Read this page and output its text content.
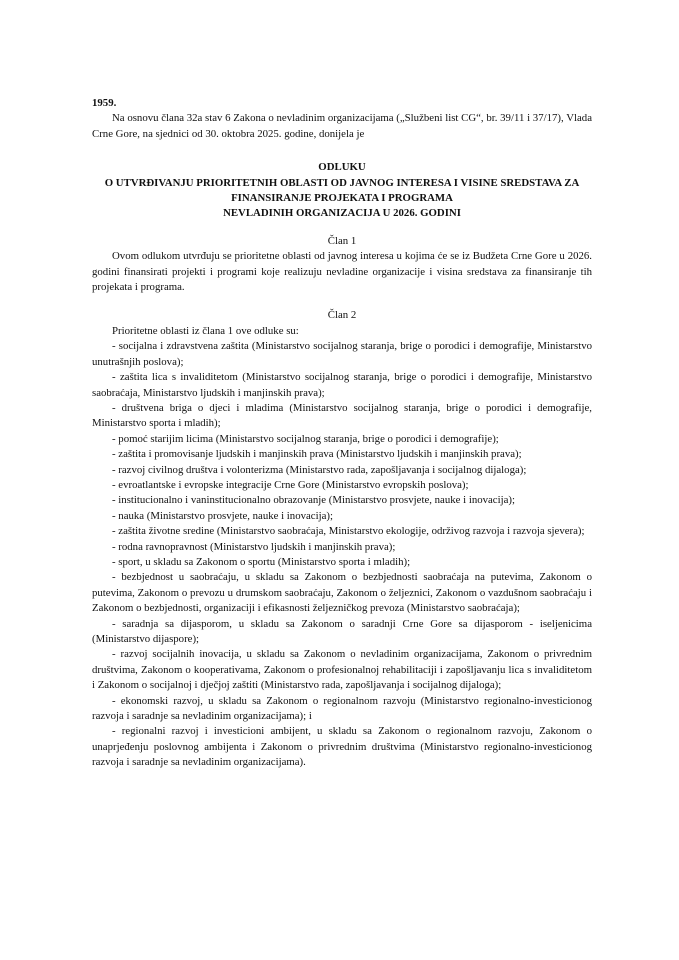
1959.

Na osnovu člana 32a stav 6 Zakona o nevladinim organizacijama („Službeni list CG“, br. 39/11 i 37/17), Vlada Crne Gore, na sjednici od 30. oktobra 2025. godine, donijela je

ODLUKU
O UTVRĐIVANJU PRIORITETNIH OBLASTI OD JAVNOG INTERESA I VISINE SREDSTAVA ZA
FINANSIRANJE PROJEKATA I PROGRAMA
NEVLADINIH ORGANIZACIJA U 2026. GODINI

Član 1

Ovom odlukom utvrđuju se prioritetne oblasti od javnog interesa u kojima će se iz Budžeta Crne Gore u 2026. godini finansirati projekti i programi koje realizuju nevladine organizacije i visina sredstava za finansiranje tih projekata i programa.

Član 2

Prioritetne oblasti iz člana 1 ove odluke su:

- socijalna i zdravstvena zaštita (Ministarstvo socijalnog staranja, brige o porodici i demografije, Ministarstvo unutrašnjih poslova);
- zaštita lica s invaliditetom (Ministarstvo socijalnog staranja, brige o porodici i demografije, Ministarstvo saobraćaja, Ministarstvo ljudskih i manjinskih prava);
- društvena briga o djeci i mladima (Ministarstvo socijalnog staranja, brige o porodici i demografije, Ministarstvo sporta i mladih);
- pomoć starijim licima (Ministarstvo socijalnog staranja, brige o porodici i demografije);
- zaštita i promovisanje ljudskih i manjinskih prava (Ministarstvo ljudskih i manjinskih prava);
- razvoj civilnog društva i volonterizma (Ministarstvo rada, zapošljavanja i socijalnog dijaloga);
- evroatlantske i evropske integracije Crne Gore (Ministarstvo evropskih poslova);
- institucionalno i vaninstitucionalno obrazovanje (Ministarstvo prosvjete, nauke i inovacija);
- nauka (Ministarstvo prosvjete, nauke i inovacija);
- zaštita životne sredine (Ministarstvo saobraćaja, Ministarstvo ekologije, održivog razvoja i razvoja sjevera);
- rodna ravnopravnost (Ministarstvo ljudskih i manjinskih prava);
- sport, u skladu sa Zakonom o sportu (Ministarstvo sporta i mladih);
- bezbjednost u saobraćaju, u skladu sa Zakonom o bezbjednosti saobraćaja na putevima, Zakonom o putevima, Zakonom o prevozu u drumskom saobraćaju, Zakonom o željeznici, Zakonom o vazdušnom saobraćaju i Zakonom o bezbjednosti, organizaciji i efikasnosti željezničkog prevoza (Ministarstvo saobraćaja);
- saradnja sa dijasporom, u skladu sa Zakonom o saradnji Crne Gore sa dijasporom - iseljenicima (Ministarstvo dijaspore);
- razvoj socijalnih inovacija, u skladu sa Zakonom o nevladinim organizacijama, Zakonom o privrednim društvima, Zakonom o kooperativama, Zakonom o profesionalnoj rehabilitaciji i zapošljavanju lica s invaliditetom i Zakonom o socijalnoj i dječjoj zaštiti (Ministarstvo rada, zapošljavanja i socijalnog dijaloga);
- ekonomski razvoj, u skladu sa Zakonom o regionalnom razvoju (Ministarstvo regionalno-investicionog razvoja i saradnje sa nevladinim organizacijama); i
- regionalni razvoj i investicioni ambijent, u skladu sa Zakonom o regionalnom razvoju, Zakonom o unaprjeđenju poslovnog ambijenta i Zakonom o privrednim društvima (Ministarstvo regionalno-investicionog razvoja i saradnje sa nevladinim organizacijama).
